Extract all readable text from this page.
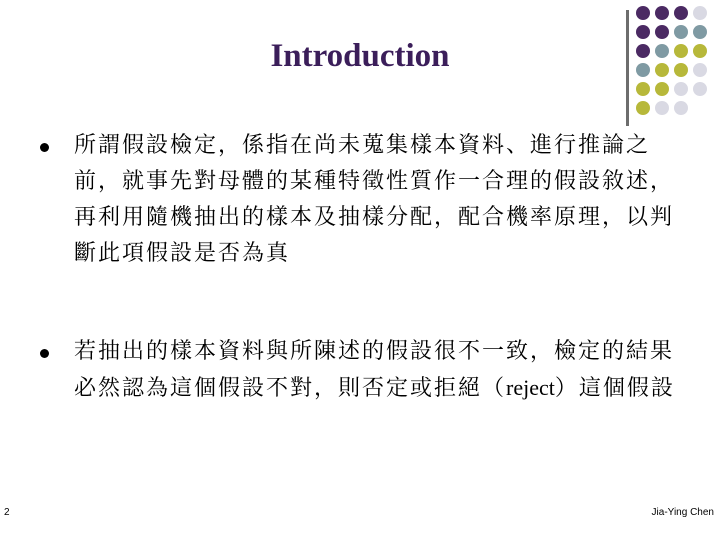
Introduction
所謂假設檢定，係指在尚未蒐集樣本資料、進行推論之前，就事先對母體的某種特徵性質作一合理的假設敘述，再利用隨機抽出的樣本及抽樣分配，配合機率原理，以判斷此項假設是否為真
若抽出的樣本資料與所陳述的假設很不一致，檢定的結果必然認為這個假設不對，則否定或拒絕（reject）這個假設
2	Jia-Ying Chen
